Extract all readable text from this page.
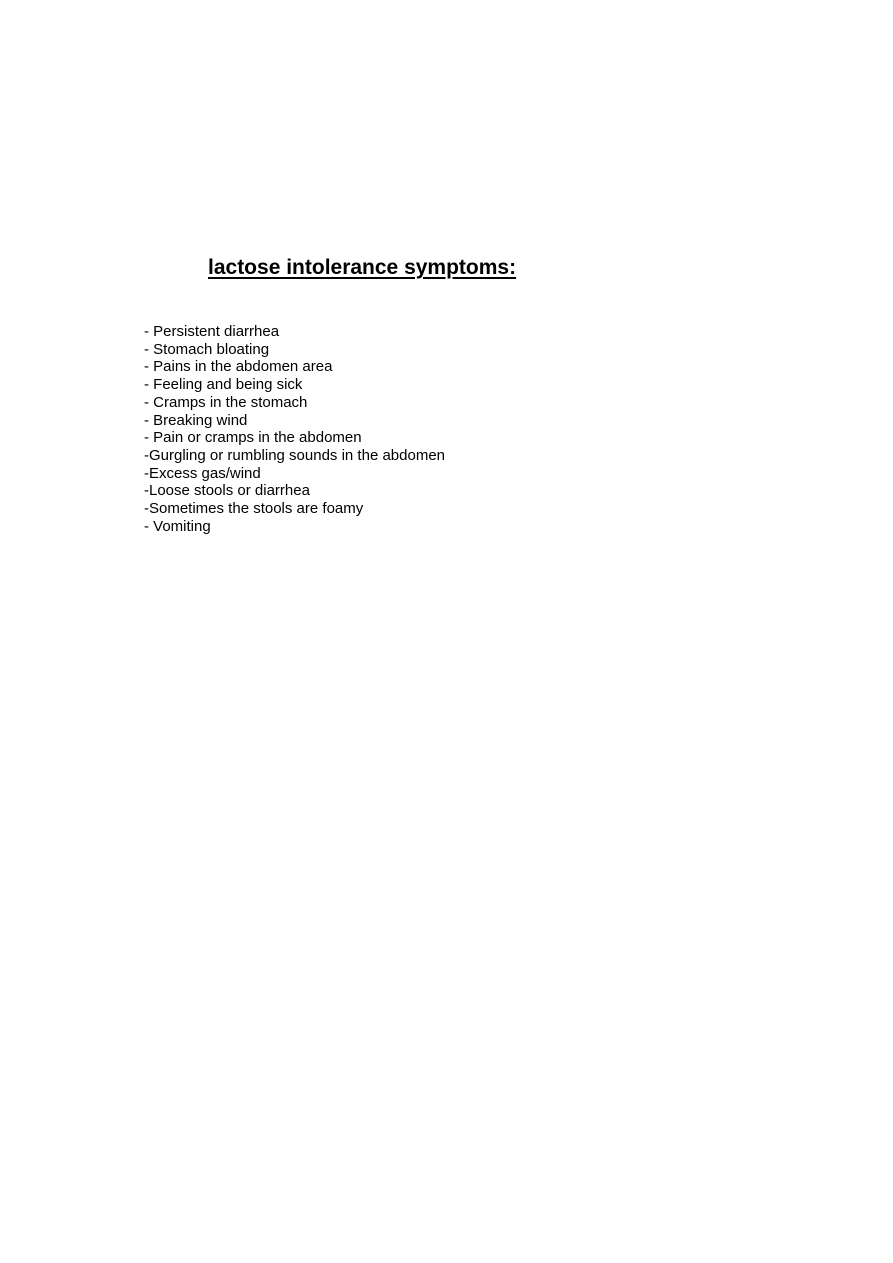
lactose intolerance symptoms:
- Persistent diarrhea
- Stomach bloating
- Pains in the abdomen area
- Feeling and being sick
- Cramps in the stomach
- Breaking wind
- Pain or cramps in the abdomen
-Gurgling or rumbling sounds in the abdomen
-Excess gas/wind
-Loose stools or diarrhea
-Sometimes the stools are foamy
- Vomiting
